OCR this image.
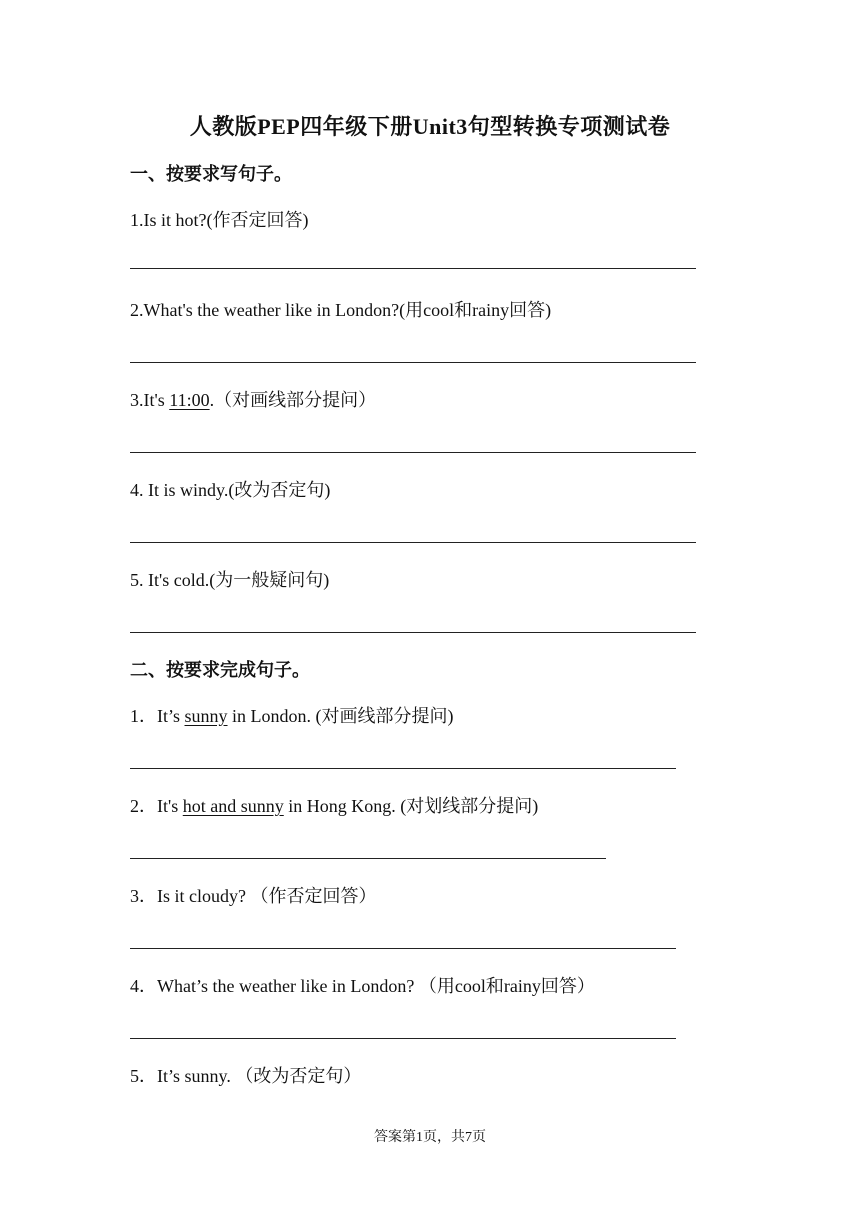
人教版PEP四年级下册Unit3句型转换专项测试卷
一、按要求写句子。
1.Is it hot?(作否定回答)
2.What's the weather like in London?(用cool和rainy回答)
3.It's 11:00.（对画线部分提问）
4. It is windy.(改为否定句)
5. It's cold.(为一般疑问句)
二、按要求完成句子。
1．It’s sunny in London. (对画线部分提问)
2．It's hot and sunny in Hong Kong. (对划线部分提问)
3．Is it cloudy? （作否定回答）
4．What’s the weather like in London? （用cool和rainy回答）
5．It’s sunny. （改为否定句）
答案第1页，共7页
